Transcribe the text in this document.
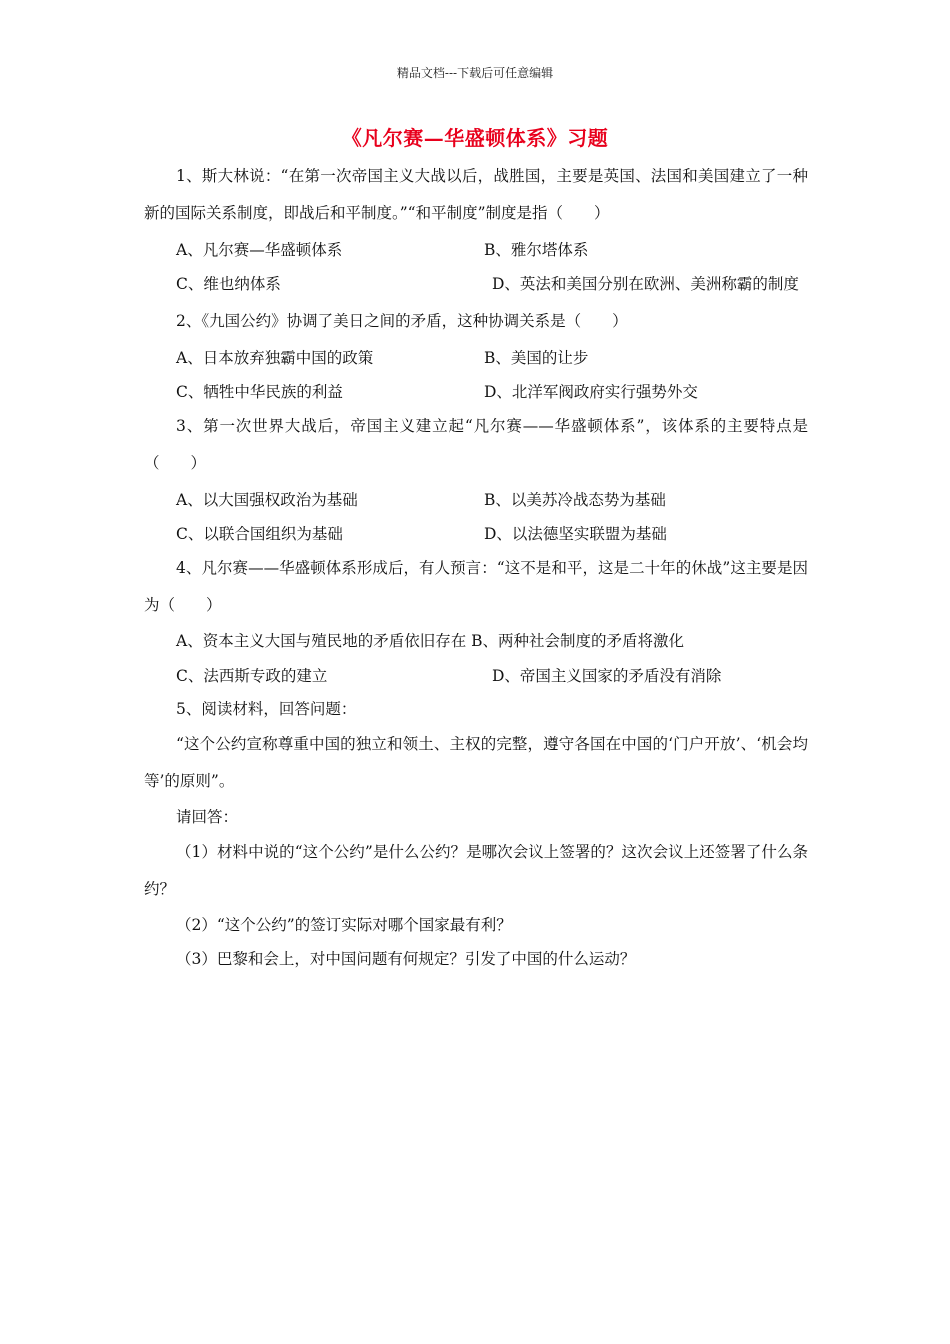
精品文档---下载后可任意编辑
《凡尔赛—华盛顿体系》习题

1、斯大林说：“在第一次帝国主义大战以后，战胜国，主要是英国、法国和美国建立了一种新的国际关系制度，即战后和平制度。”“和平制度”制度是指（　　）

A、凡尔赛—华盛顿体系	B、雅尔塔体系

C、维也纳体系	D、英法和美国分别在欧洲、美洲称霸的制度

2、《九国公约》协调了美日之间的矛盾，这种协调关系是（　　）

A、日本放弃独霸中国的政策	B、美国的让步
C、牺牲中华民族的利益	D、北洋军阀政府实行强势外交

3、第一次世界大战后，帝国主义建立起“凡尔赛——华盛顿体系”，该体系的主要特点是（　　）

A、以大国强权政治为基础	B、以美苏冷战态势为基础
C、以联合国组织为基础	D、以法德坚实联盟为基础

4、凡尔赛——华盛顿体系形成后，有人预言：“这不是和平，这是二十年的休战”这主要是因为（　　）

A、资本主义大国与殖民地的矛盾依旧存在 B、两种社会制度的矛盾将激化
C、法西斯专政的建立	D、帝国主义国家的矛盾没有消除
5、阅读材料，回答问题：

“这个公约宣称尊重中国的独立和领土、主权的完整，遵守各国在中国的‘门户开放’、‘机会均等’的原则”。

请回答：

（1）材料中说的“这个公约”是什么公约？是哪次会议上签署的？这次会议上还签署了什么条约？

（2）“这个公约”的签订实际对哪个国家最有利？
（3）巴黎和会上，对中国问题有何规定？引发了中国的什么运动？
